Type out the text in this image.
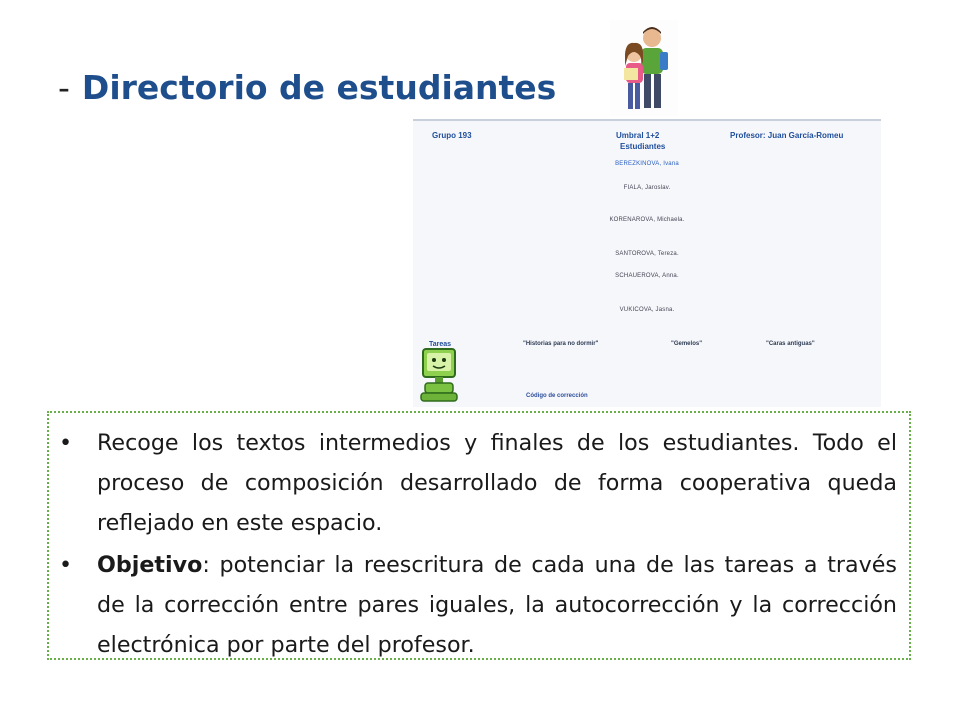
- Directorio de estudiantes
Grupo 193	Umbral 1+2
Estudiantes
Profesor: Juan García-Romeu
BEREZKINOVA, Ivana
FIALA, Jaroslav.
KORENAROVA, Michaela.
SANTOROVA, Tereza.
SCHAUEROVA, Anna.
VUKICOVA, Jasna.
Tareas	"Historias para no dormir"	"Gemelos"	"Caras antiguas"
Código de corrección
• Recoge los textos intermedios y finales de los estudiantes. Todo el proceso de composición desarrollado de forma cooperativa queda reflejado en este espacio.
• Objetivo: potenciar la reescritura de cada una de las tareas a través de la corrección entre pares iguales, la autocorrección y la corrección electrónica por parte del profesor.
